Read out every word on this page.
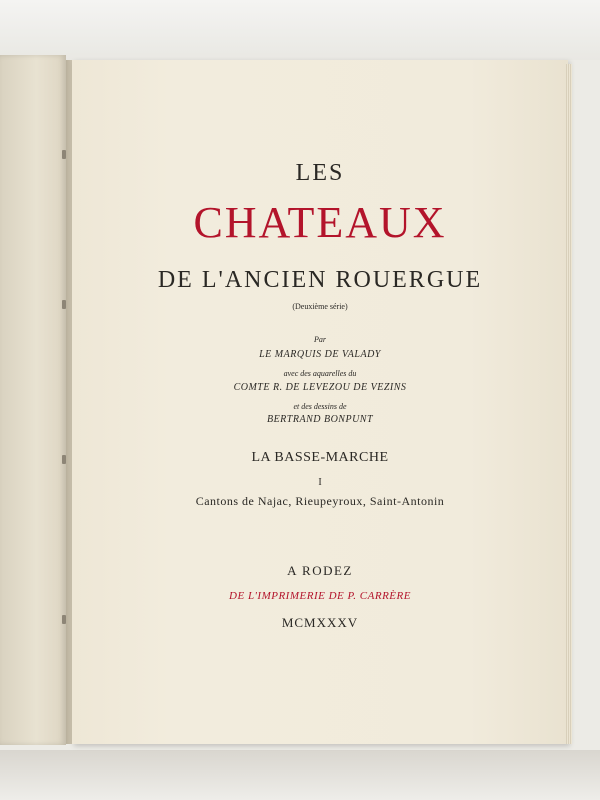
LES
CHATEAUX
DE L'ANCIEN ROUERGUE
(Deuxième série)
Par
LE MARQUIS DE VALADY
avec des aquarelles du
COMTE R. DE LEVEZOU DE VEZINS
et des dessins de
BERTRAND BONPUNT
LA BASSE-MARCHE
I
Cantons de Najac, Rieupeyroux, Saint-Antonin
A RODEZ
DE L'IMPRIMERIE DE P. CARRÈRE
MCMXXXV
